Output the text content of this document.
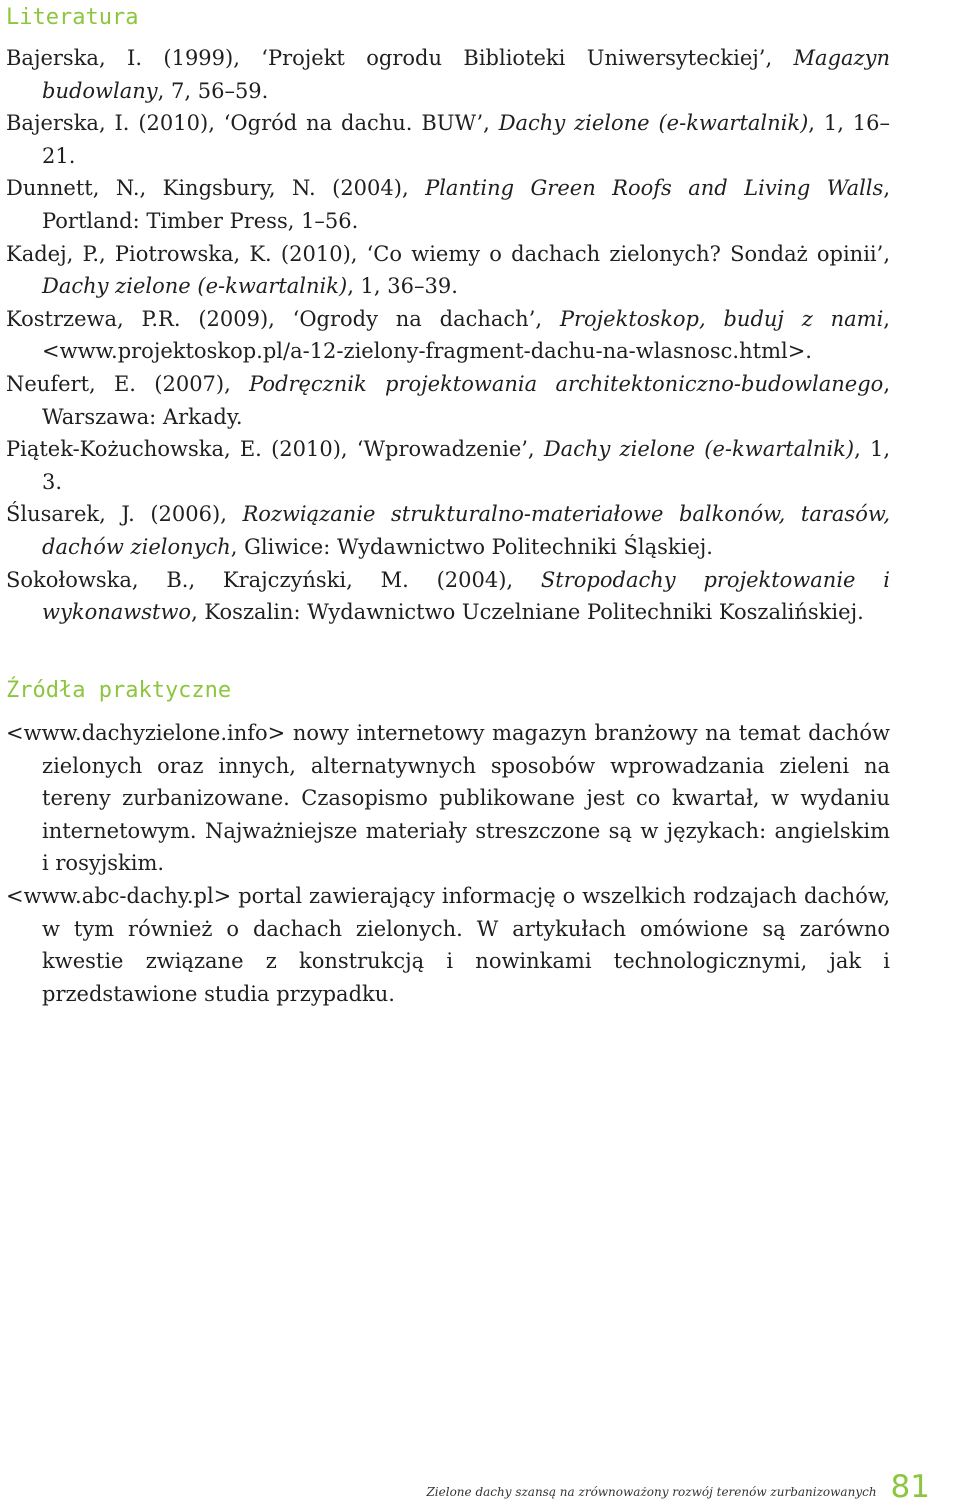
Literatura
Bajerska, I. (1999), ‘Projekt ogrodu Biblioteki Uniwersyteckiej’, Magazyn budowlany, 7, 56–59.
Bajerska, I. (2010), ‘Ogród na dachu. BUW’, Dachy zielone (e-kwartalnik), 1, 16–21.
Dunnett, N., Kingsbury, N. (2004), Planting Green Roofs and Living Walls, Portland: Timber Press, 1–56.
Kadej, P., Piotrowska, K. (2010), ‘Co wiemy o dachach zielonych? Sondaż opinii’, Dachy zielone (e-kwartalnik), 1, 36–39.
Kostrzewa, P.R. (2009), ‘Ogrody na dachach’, Projektoskop, buduj z nami, <www.projektoskop.pl/a-12-zielony-fragment-dachu-na-wlasnosc.html>.
Neufert, E. (2007), Podręcznik projektowania architektoniczno-budowlanego, Warszawa: Arkady.
Piątek-Kożuchowska, E. (2010), ‘Wprowadzenie’, Dachy zielone (e-kwartalnik), 1, 3.
Ślusarek, J. (2006), Rozwiązanie strukturalno-materiałowe balkonów, tarasów, dachów zielonych, Gliwice: Wydawnictwo Politechniki Śląskiej.
Sokołowska, B., Krajczyński, M. (2004), Stropodachy projektowanie i wykonawstwo, Koszalin: Wydawnictwo Uczelniane Politechniki Koszalińskiej.
Źródła praktyczne
<www.dachyzielone.info> nowy internetowy magazyn branżowy na temat dachów zielonych oraz innych, alternatywnych sposobów wprowadzania zieleni na tereny zurbanizowane. Czasopismo publikowane jest co kwartał, w wydaniu internetowym. Najważniejsze materiały streszczone są w językach: angielskim i rosyjskim.
<www.abc-dachy.pl> portal zawierający informację o wszelkich rodzajach dachów, w tym również o dachach zielonych. W artykułach omówione są zarówno kwestie związane z konstrukcją i nowinkami technologicznymi, jak i przedstawione studia przypadku.
Zielone dachy szansą na zrównoważony rozwój terenów zurbanizowanych 81
